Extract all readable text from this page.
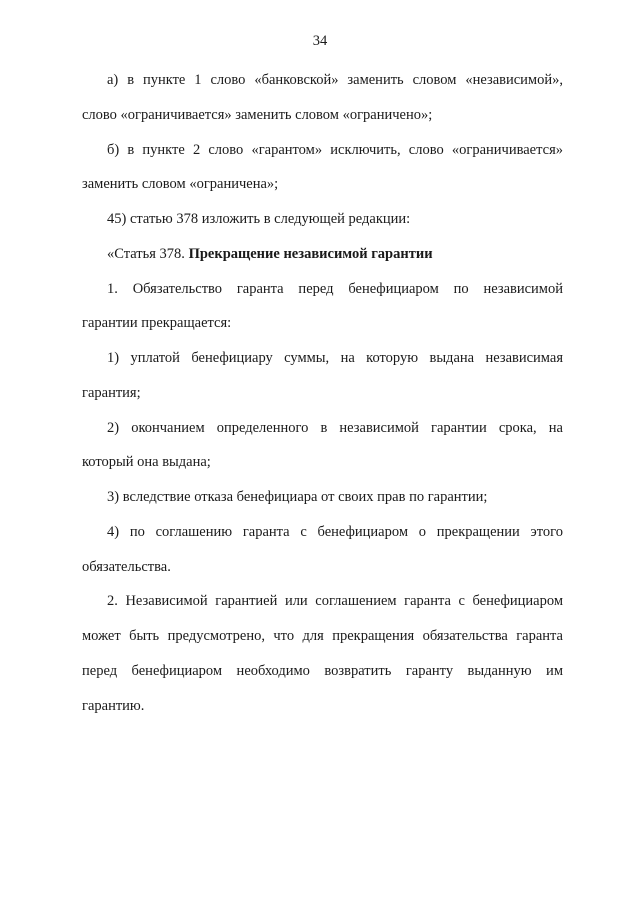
34
а) в пункте 1 слово «банковской» заменить словом «независимой»,
слово «ограничивается» заменить словом «ограничено»;
б) в пункте 2 слово «гарантом» исключить, слово «ограничивается»
заменить словом «ограничена»;
45) статью 378 изложить в следующей редакции:
«Статья 378. Прекращение независимой гарантии
1. Обязательство гаранта перед бенефициаром по независимой
гарантии прекращается:
1) уплатой бенефициару суммы, на которую выдана независимая
гарантия;
2) окончанием определенного в независимой гарантии срока, на
который она выдана;
3) вследствие отказа бенефициара от своих прав по гарантии;
4) по соглашению гаранта с бенефициаром о прекращении этого
обязательства.
2. Независимой гарантией или соглашением гаранта с бенефициаром
может быть предусмотрено, что для прекращения обязательства гаранта
перед бенефициаром необходимо возвратить гаранту выданную им
гарантию.
